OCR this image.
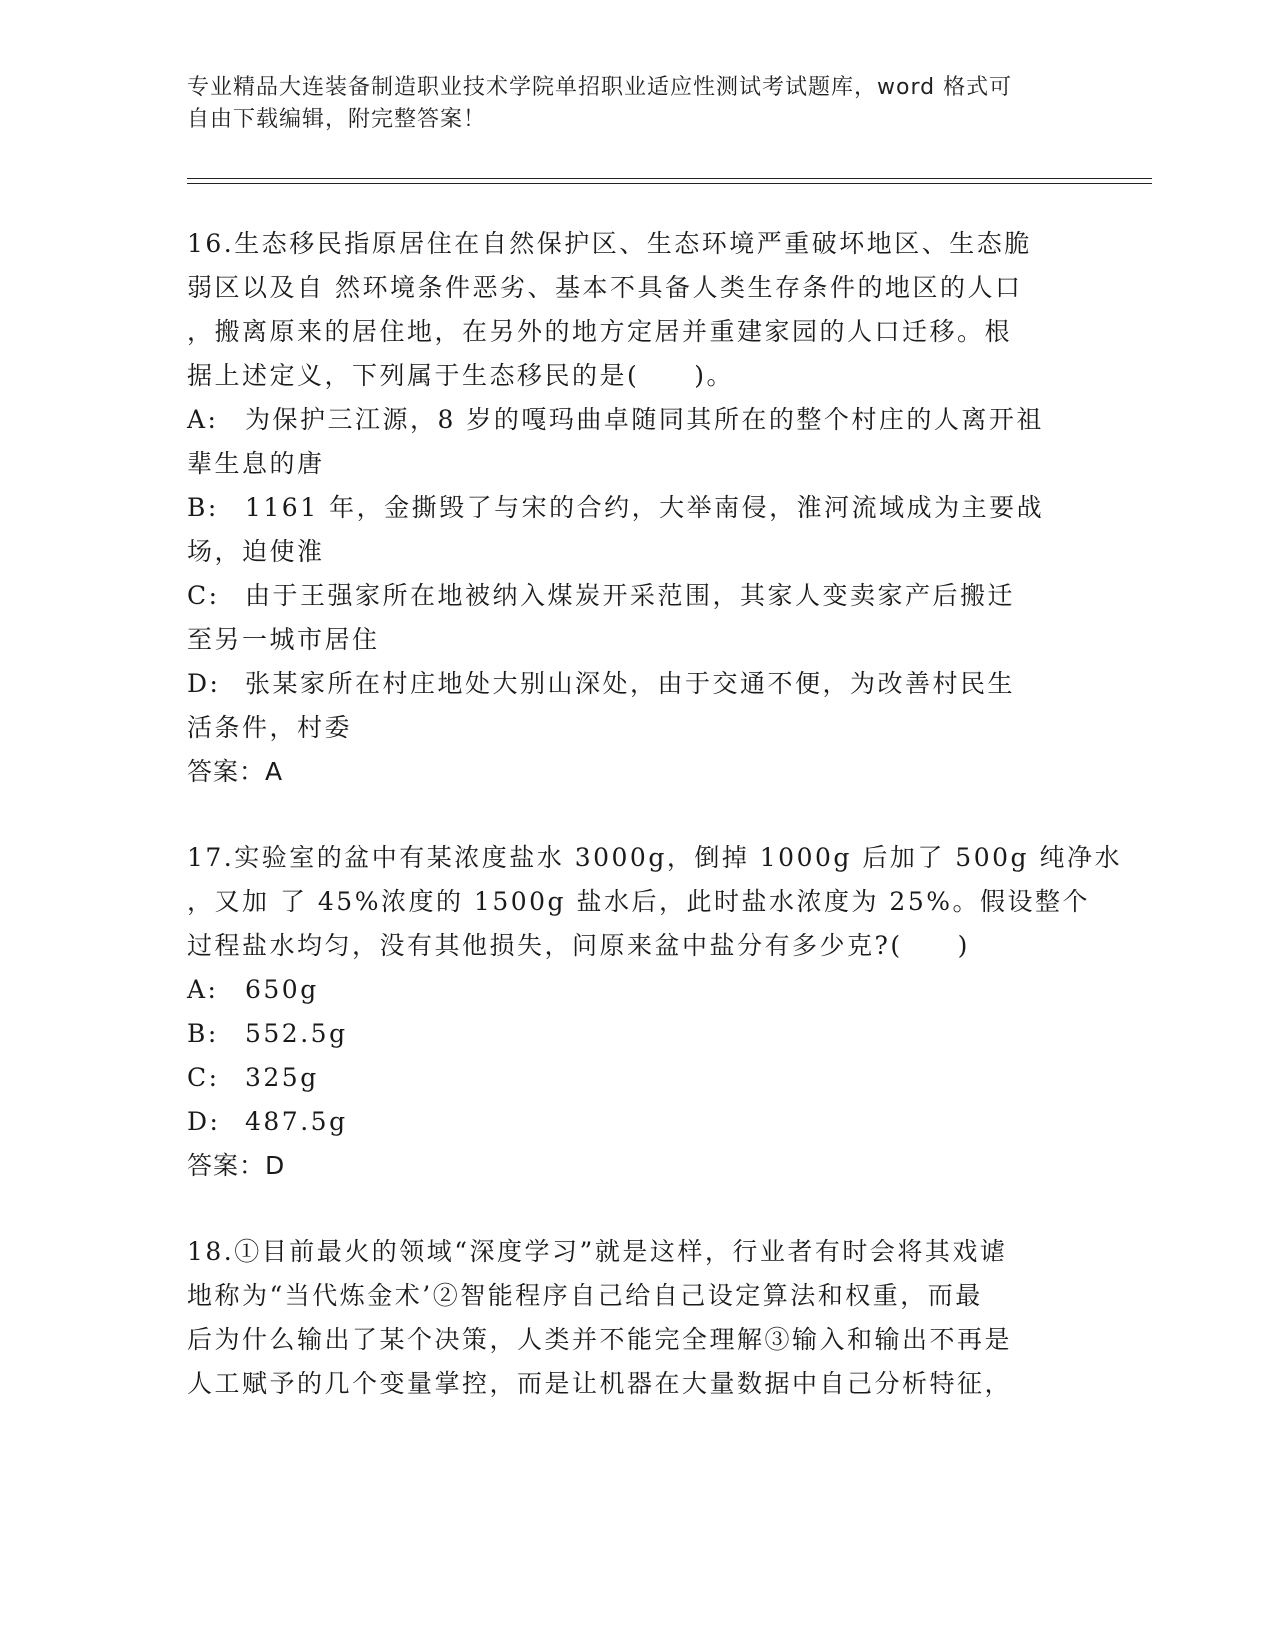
专业精品大连装备制造职业技术学院单招职业适应性测试考试题库，word 格式可
自由下载编辑，附完整答案！
16.生态移民指原居住在自然保护区、生态环境严重破坏地区、生态脆
弱区以及自 然环境条件恶劣、基本不具备人类生存条件的地区的人口
，搬离原来的居住地，在另外的地方定居并重建家园的人口迁移。根
据上述定义，下列属于生态移民的是(　　)。
A: 为保护三江源，8 岁的嘎玛曲卓随同其所在的整个村庄的人离开祖
辈生息的唐
B: 1161 年，金撕毁了与宋的合约，大举南侵，淮河流域成为主要战
场，迫使淮
C: 由于王强家所在地被纳入煤炭开采范围，其家人变卖家产后搬迁
至另一城市居住
D: 张某家所在村庄地处大别山深处，由于交通不便，为改善村民生
活条件，村委
答案：A
17.实验室的盆中有某浓度盐水 3000g，倒掉 1000g 后加了 500g 纯净水
，又加 了 45%浓度的 1500g 盐水后，此时盐水浓度为 25%。假设整个
过程盐水均匀，没有其他损失，问原来盆中盐分有多少克?(　　)
A: 650g
B: 552.5g
C: 325g
D: 487.5g
答案：D
18.①目前最火的领域“深度学习”就是这样，行业者有时会将其戏谑
地称为“当代炼金术’②智能程序自己给自己设定算法和权重，而最
后为什么输出了某个决策，人类并不能完全理解③输入和输出不再是
人工赋予的几个变量掌控，而是让机器在大量数据中自己分析特征，
